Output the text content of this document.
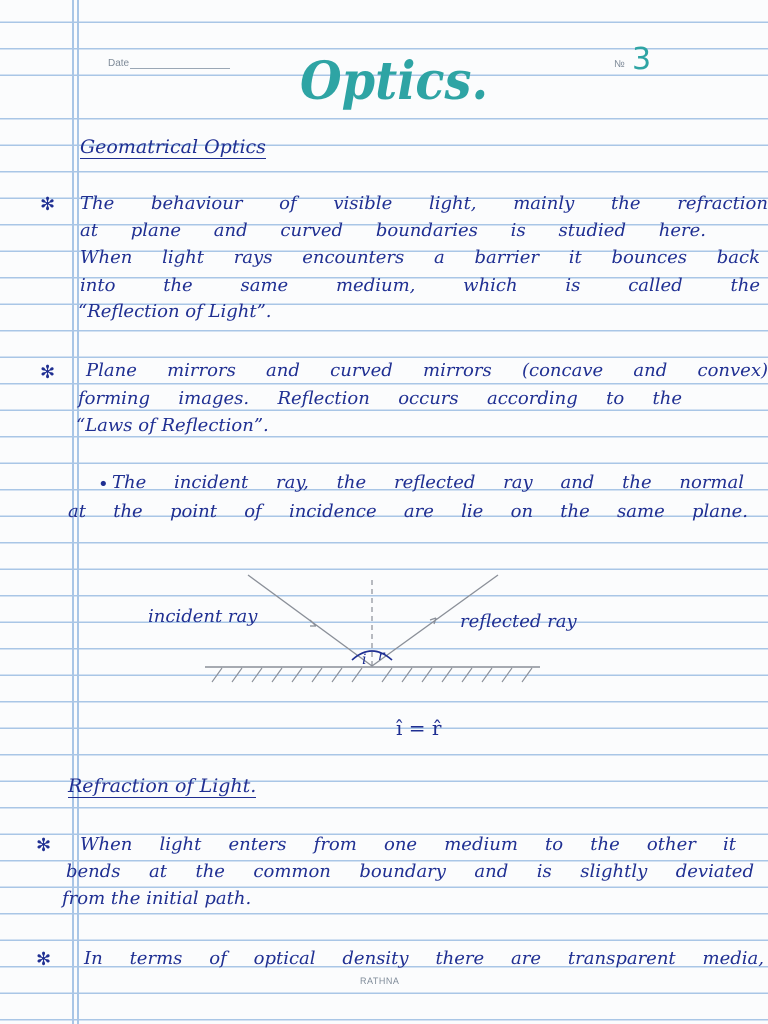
Date	№ 3
Optics.

Geomatrical Optics

✻ The behaviour of visible light, mainly the refraction

at plane and curved boundaries is studied here.

When light rays encounters a barrier it bounces back

into the same medium, which is called the

“Reflection of Light”.

✻ Plane mirrors and curved mirrors (concave and convex)

forming images. Reflection occurs according to the

“Laws of Reflection”.

• The incident ray, the reflected ray and the normal

at the point of incidence are lie on the same plane.

incident ray	reflected ray
i r
î = r̂

Refraction of Light.

✻ When light enters from one medium to the other it

bends at the common boundary and is slightly deviated

from the initial path.

✻ In terms of optical density there are transparent media,

RATHNA
